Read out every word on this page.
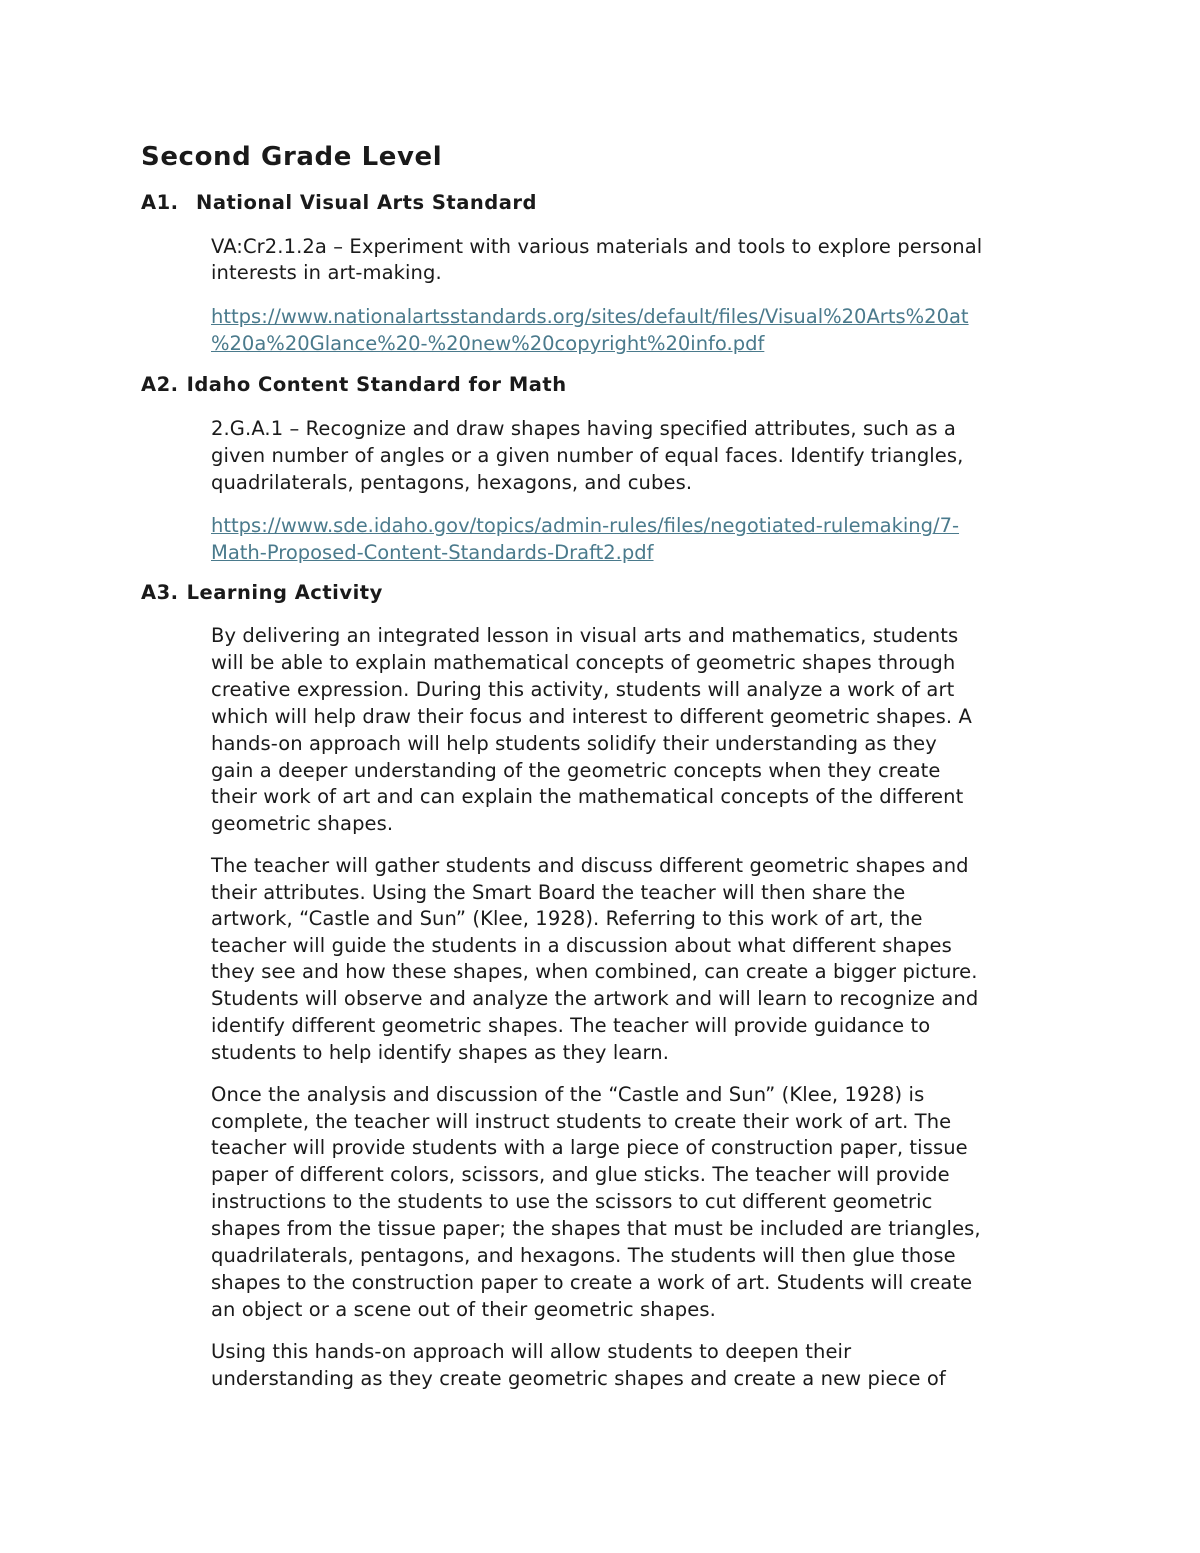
Second Grade Level
A1. National Visual Arts Standard

VA:Cr2.1.2a – Experiment with various materials and tools to explore personal

interests in art-making.

https://www.nationalartsstandards.org/sites/default/files/Visual%20Arts%20at
%20a%20Glance%20-%20new%20copyright%20info.pdf
A2. Idaho Content Standard for Math

2.G.A.1 – Recognize and draw shapes having specified attributes, such as a

given number of angles or a given number of equal faces. Identify triangles,

quadrilaterals, pentagons, hexagons, and cubes.

https://www.sde.idaho.gov/topics/admin-rules/files/negotiated-rulemaking/7-
Math-Proposed-Content-Standards-Draft2.pdf
A3. Learning Activity

By delivering an integrated lesson in visual arts and mathematics, students

will be able to explain mathematical concepts of geometric shapes through

creative expression. During this activity, students will analyze a work of art

which will help draw their focus and interest to different geometric shapes. A

hands-on approach will help students solidify their understanding as they

gain a deeper understanding of the geometric concepts when they create

their work of art and can explain the mathematical concepts of the different

geometric shapes.

The teacher will gather students and discuss different geometric shapes and

their attributes. Using the Smart Board the teacher will then share the

artwork, “Castle and Sun” (Klee, 1928). Referring to this work of art, the

teacher will guide the students in a discussion about what different shapes

they see and how these shapes, when combined, can create a bigger picture.

Students will observe and analyze the artwork and will learn to recognize and

identify different geometric shapes. The teacher will provide guidance to

students to help identify shapes as they learn.

Once the analysis and discussion of the “Castle and Sun” (Klee, 1928) is

complete, the teacher will instruct students to create their work of art. The

teacher will provide students with a large piece of construction paper, tissue

paper of different colors, scissors, and glue sticks. The teacher will provide

instructions to the students to use the scissors to cut different geometric

shapes from the tissue paper; the shapes that must be included are triangles,

quadrilaterals, pentagons, and hexagons. The students will then glue those

shapes to the construction paper to create a work of art. Students will create

an object or a scene out of their geometric shapes.

Using this hands-on approach will allow students to deepen their

understanding as they create geometric shapes and create a new piece of
